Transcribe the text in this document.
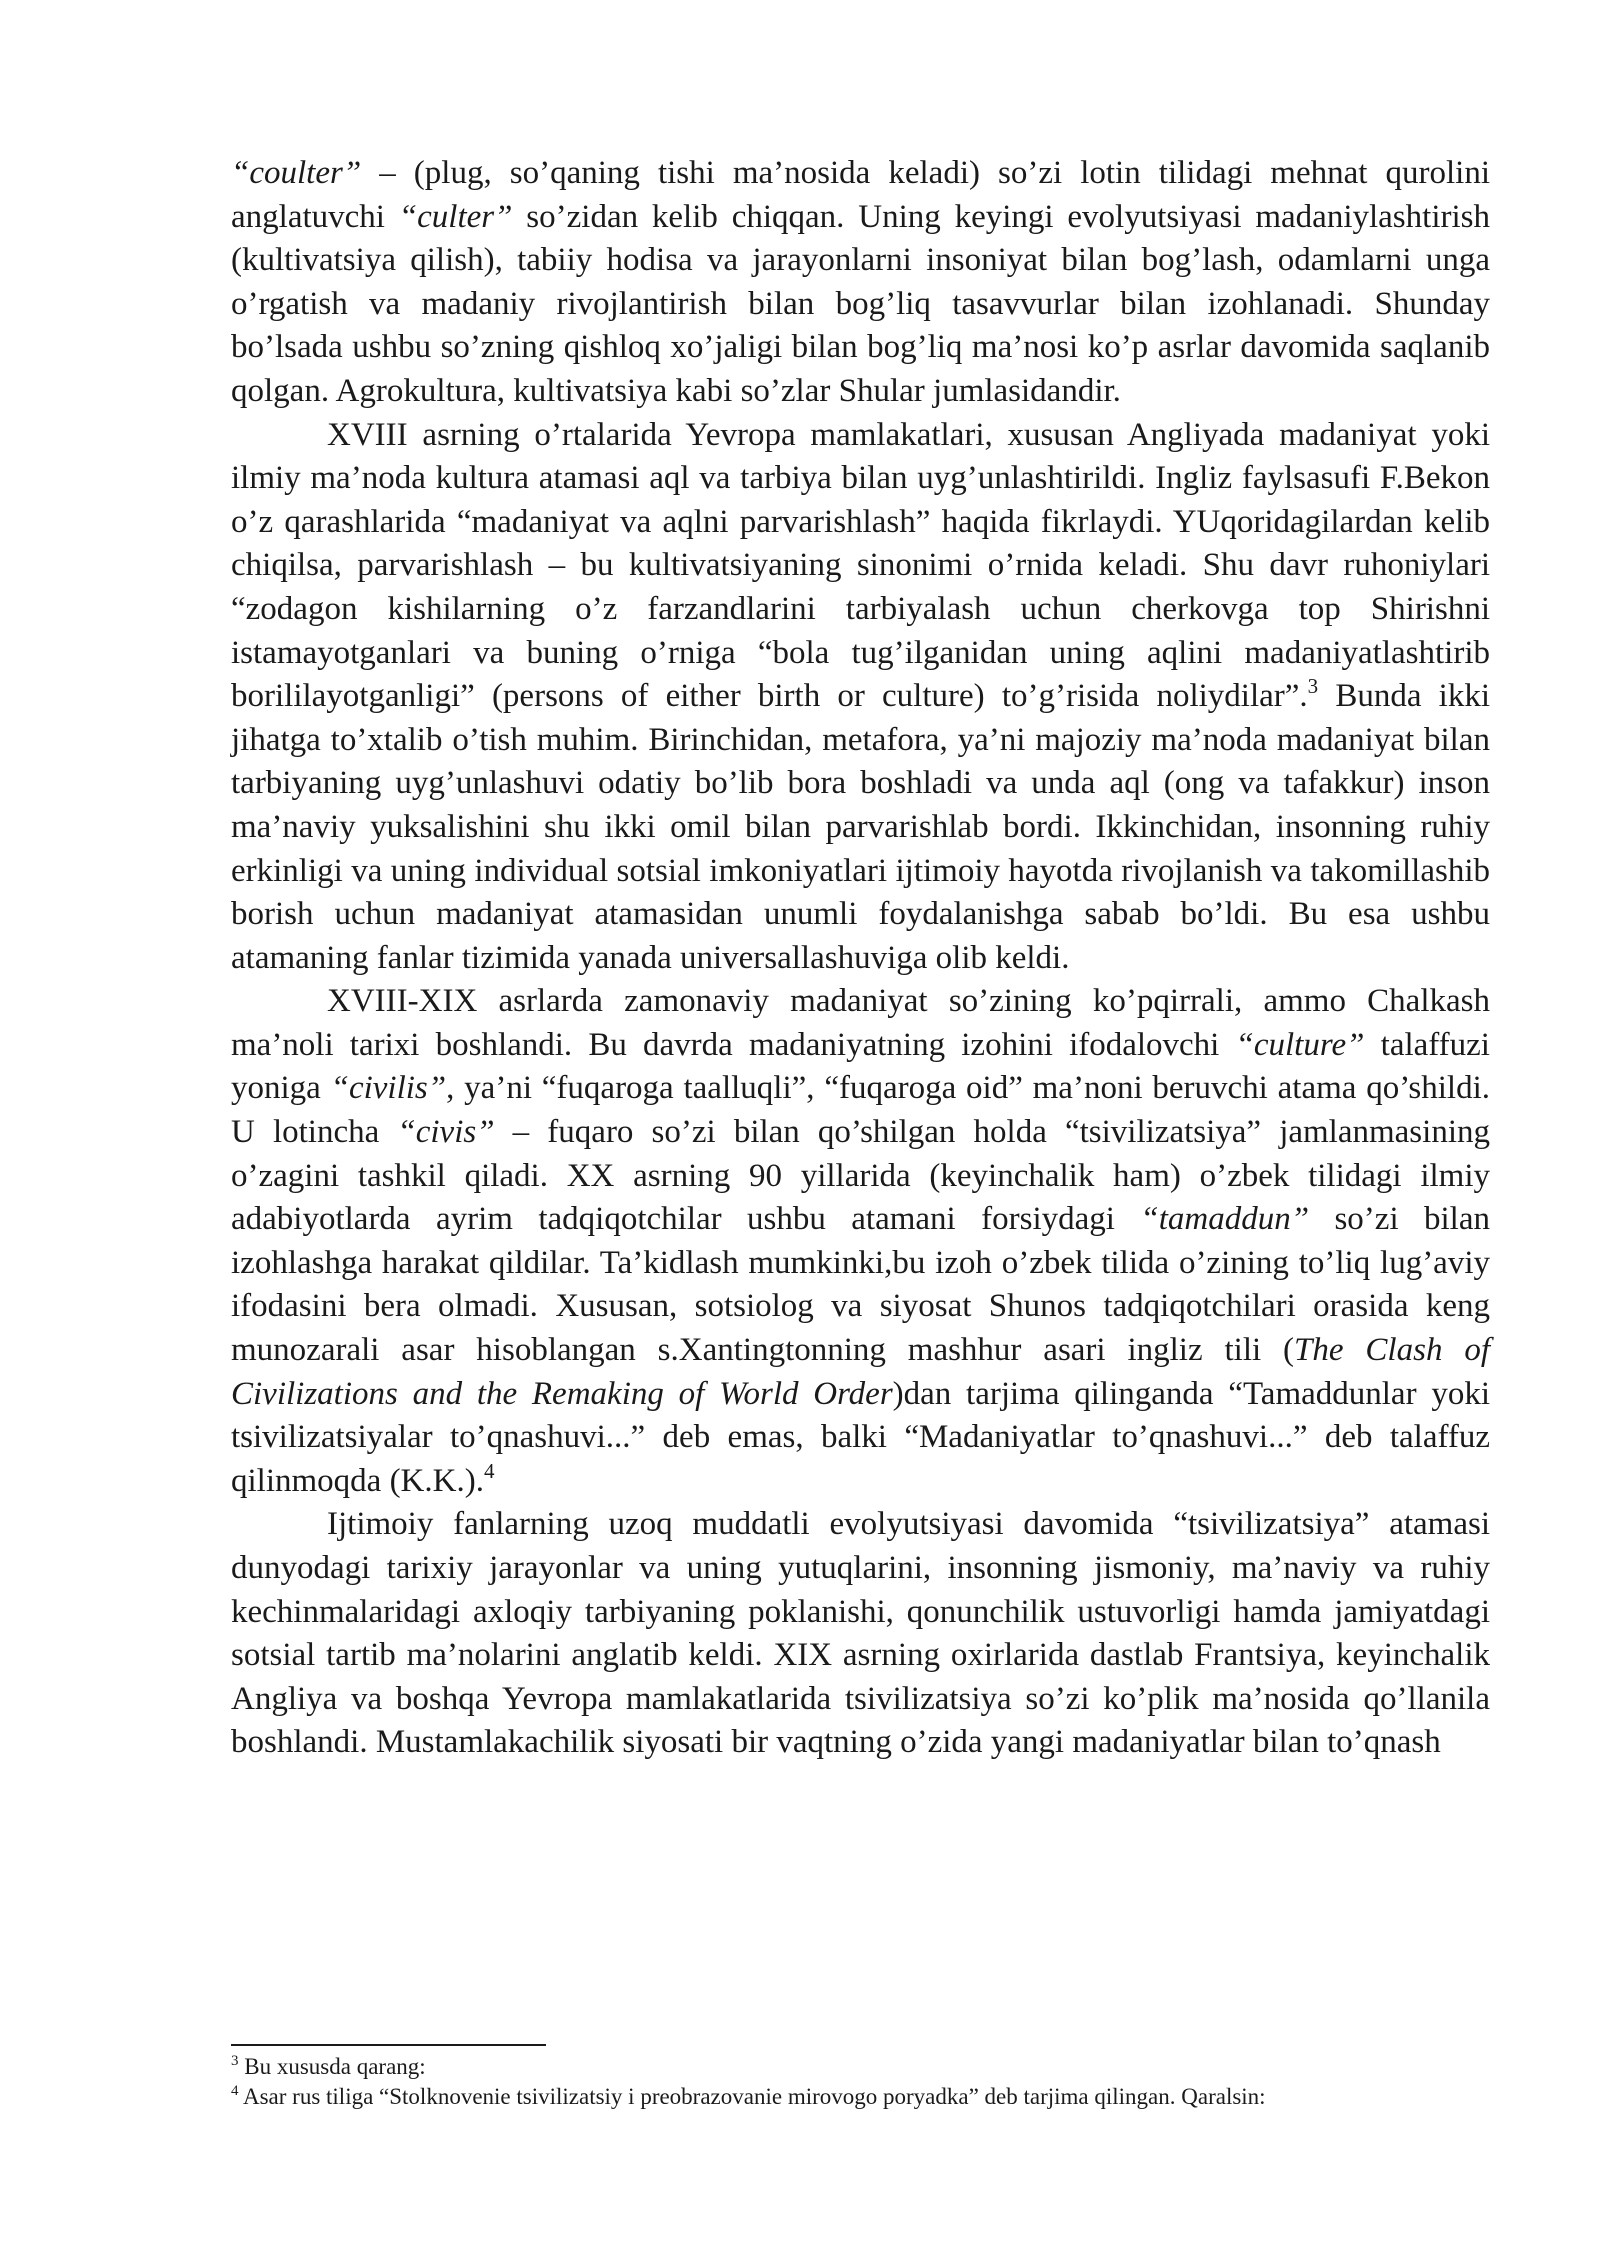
“coulter” – (plug, so’qaning tishi ma’nosida keladi) so’zi lotin tilidagi mehnat qurolini anglatuvchi “culter” so’zidan kelib chiqqan. Uning keyingi evolyutsiyasi madaniylashtirish (kultivatsiya qilish), tabiiy hodisa va jarayonlarni insoniyat bilan bog’lash, odamlarni unga o’rgatish va madaniy rivojlantirish bilan bog’liq tasavvurlar bilan izohlanadi. Shunday bo’lsada ushbu so’zning qishloq xo’jaligi bilan bog’liq ma’nosi ko’p asrlar davomida saqlanib qolgan. Agrokultura, kultivatsiya kabi so’zlar Shular jumlasidandir.

XVIII asrning o’rtalarida Yevropa mamlakatlari, xususan Angliyada madaniyat yoki ilmiy ma’noda kultura atamasi aql va tarbiya bilan uyg’unlashtirildi. Ingliz faylsasufi F.Bekon o’z qarashlarida “madaniyat va aqlni parvarishlash” haqida fikrlaydi. YUqoridagilardan kelib chiqilsa, parvarishlash – bu kultivatsiyaning sinonimi o’rnida keladi. Shu davr ruhoniylari “zodagon kishilarning o’z farzandlarini tarbiyalash uchun cherkovga top Shirishni istamayotganlari va buning o’rniga “bola tug’ilganidan uning aqlini madaniyatlashtirib borililayotganligi” (persons of either birth or culture) to’g’risida noliydilar”.$^3$ Bunda ikki jihatga to’xtalib o’tish muhim. Birinchidan, metafora, ya’ni majoziy ma’noda madaniyat bilan tarbiyaning uyg’unlashuvi odatiy bo’lib bora boshladi va unda aql (ong va tafakkur) inson ma’naviy yuksalishini shu ikki omil bilan parvarishlab bordi. Ikkinchidan, insonning ruhiy erkinligi va uning individual sotsial imkoniyatlari ijtimoiy hayotda rivojlanish va takomillashib borish uchun madaniyat atamasidan unumli foydalanishga sabab bo’ldi. Bu esa ushbu atamaning fanlar tizimida yanada universallashuviga olib keldi.

XVIII-XIX asrlarda zamonaviy madaniyat so’zining ko’pqirrali, ammo Chalkash ma’noli tarixi boshlandi. Bu davrda madaniyatning izohini ifodalovchi “culture” talaffuzi yoniga “civilis”, ya’ni “fuqaroga taalluqli”, “fuqaroga oid” ma’noni beruvchi atama qo’shildi. U lotincha “civis” – fuqaro so’zi bilan qo’shilgan holda “tsivilizatsiya” jamlanmasining o’zagini tashkil qiladi. XX asrning 90 yillarida (keyinchalik ham) o’zbek tilidagi ilmiy adabiyotlarda ayrim tadqiqotchilar ushbu atamani forsiydagi “tamaddun” so’zi bilan izohlashga harakat qildilar. Ta’kidlash mumkinki,bu izoh o’zbek tilida o’zining to’liq lug’aviy ifodasini bera olmadi. Xususan, sotsiolog va siyosat Shunos tadqiqotchilari orasida keng munozarali asar hisoblangan s.Xantingtonning mashhur asari ingliz tili (The Clash of Civilizations and the Remaking of World Order)dan tarjima qilinganda “Tamaddunlar yoki tsivilizatsiyalar to’qnashuvi...” deb emas, balki “Madaniyatlar to’qnashuvi...” deb talaffuz qilinmoqda (K.K.).$^4$

Ijtimoiy fanlarning uzoq muddatli evolyutsiyasi davomida “tsivilizatsiya” atamasi dunyodagi tarixiy jarayonlar va uning yutuqlarini, insonning jismoniy, ma’naviy va ruhiy kechinmalaridagi axloqiy tarbiyaning poklanishi, qonunchilik ustuvorligi hamda jamiyatdagi sotsial tartib ma’nolarini anglatib keldi. XIX asrning oxirlarida dastlab Frantsiya, keyinchalik Angliya va boshqa Yevropa mamlakatlarida tsivilizatsiya so’zi ko’plik ma’nosida qo’llanila boshlandi. Mustamlakachilik siyosati bir vaqtning o’zida yangi madaniyatlar bilan to’qnash

$^3$ Bu xususda qarang:

$^4$ Asar rus tiliga “Stolknovenie tsivilizatsiy i preobrazovanie mirovogo poryadka” deb tarjima qilingan. Qaralsin:
